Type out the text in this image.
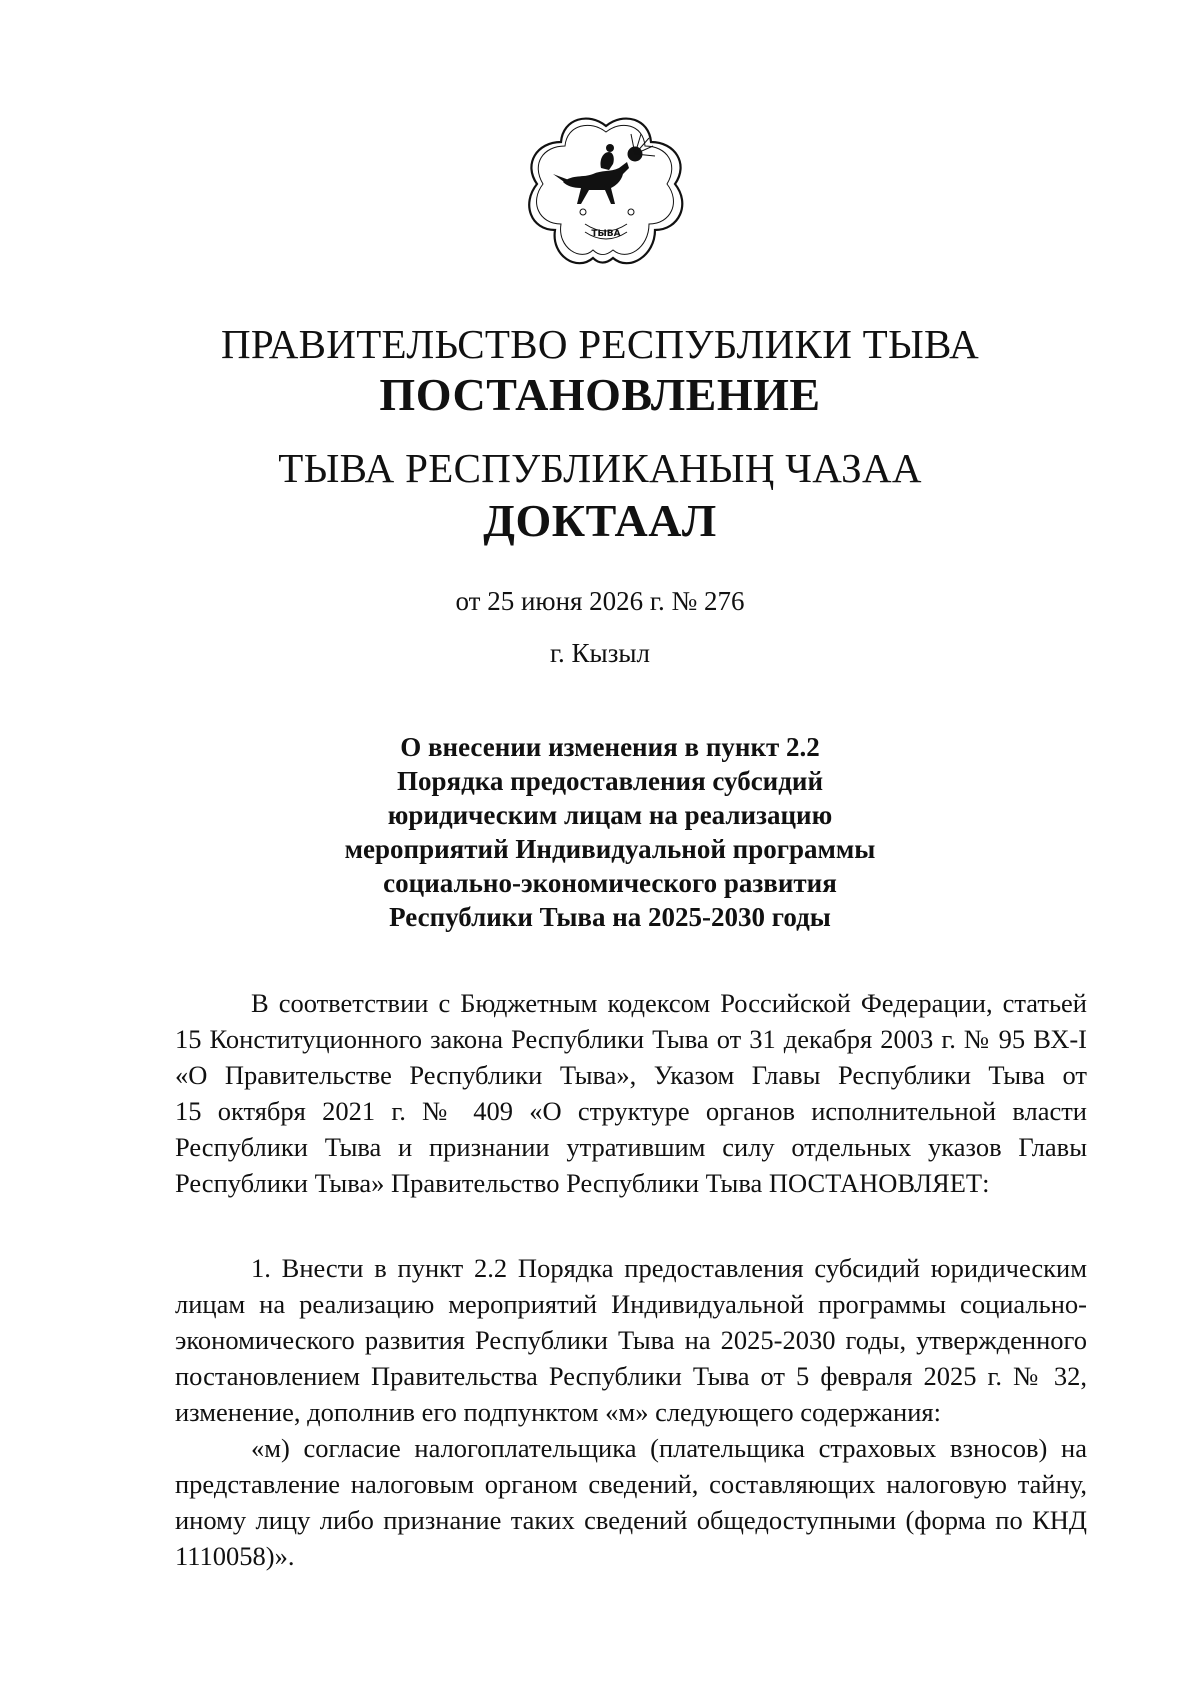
ТЫВА
ПРАВИТЕЛЬСТВО РЕСПУБЛИКИ ТЫВА
ПОСТАНОВЛЕНИЕ
ТЫВА РЕСПУБЛИКАНЫҢ ЧАЗАА
ДОКТААЛ
от 25 июня 2026 г. № 276
г. Кызыл
О внесении изменения в пункт 2.2
Порядка предоставления субсидий
юридическим лицам на реализацию
мероприятий Индивидуальной программы
социально-экономического развития
Республики Тыва на 2025-2030 годы
В соответствии с Бюджетным кодексом Российской Федерации, статьей
15 Конституционного закона Республики Тыва от 31 декабря 2003 г. № 95 ВХ-I
«О Правительстве Республики Тыва», Указом Главы Республики Тыва от
15 октября 2021 г. № 409 «О структуре органов исполнительной власти
Республики Тыва и признании утратившим силу отдельных указов Главы
Республики Тыва» Правительство Республики Тыва ПОСТАНОВЛЯЕТ:
1. Внести в пункт 2.2 Порядка предоставления субсидий юридическим
лицам на реализацию мероприятий Индивидуальной программы социально-
экономического развития Республики Тыва на 2025-2030 годы, утвержденного
постановлением Правительства Республики Тыва от 5 февраля 2025 г. № 32,
изменение, дополнив его подпунктом «м» следующего содержания:
«м) согласие налогоплательщика (плательщика страховых взносов) на
представление налоговым органом сведений, составляющих налоговую тайну,
иному лицу либо признание таких сведений общедоступными (форма по КНД
1110058)».
